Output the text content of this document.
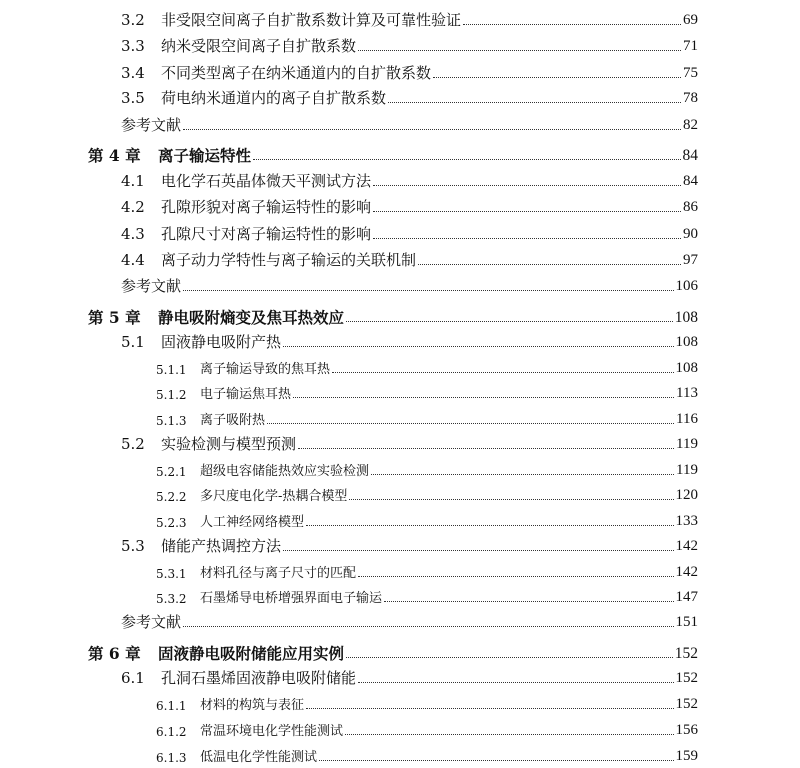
3.2	非受限空间离子自扩散系数计算及可靠性验证	69
3.3	纳米受限空间离子自扩散系数	71
3.4	不同类型离子在纳米通道内的自扩散系数	75
3.5	荷电纳米通道内的离子自扩散系数	78
参考文献	82
第 4 章	离子输运特性	84
4.1	电化学石英晶体微天平测试方法	84
4.2	孔隙形貌对离子输运特性的影响	86
4.3	孔隙尺寸对离子输运特性的影响	90
4.4	离子动力学特性与离子输运的关联机制	97
参考文献	106
第 5 章	静电吸附熵变及焦耳热效应	108
5.1	固液静电吸附产热	108
5.1.1	离子输运导致的焦耳热	108
5.1.2	电子输运焦耳热	113
5.1.3	离子吸附热	116
5.2	实验检测与模型预测	119
5.2.1	超级电容储能热效应实验检测	119
5.2.2	多尺度电化学-热耦合模型	120
5.2.3	人工神经网络模型	133
5.3	储能产热调控方法	142
5.3.1	材料孔径与离子尺寸的匹配	142
5.3.2	石墨烯导电桥增强界面电子输运	147
参考文献	151
第 6 章	固液静电吸附储能应用实例	152
6.1	孔洞石墨烯固液静电吸附储能	152
6.1.1	材料的构筑与表征	152
6.1.2	常温环境电化学性能测试	156
6.1.3	低温电化学性能测试	159
